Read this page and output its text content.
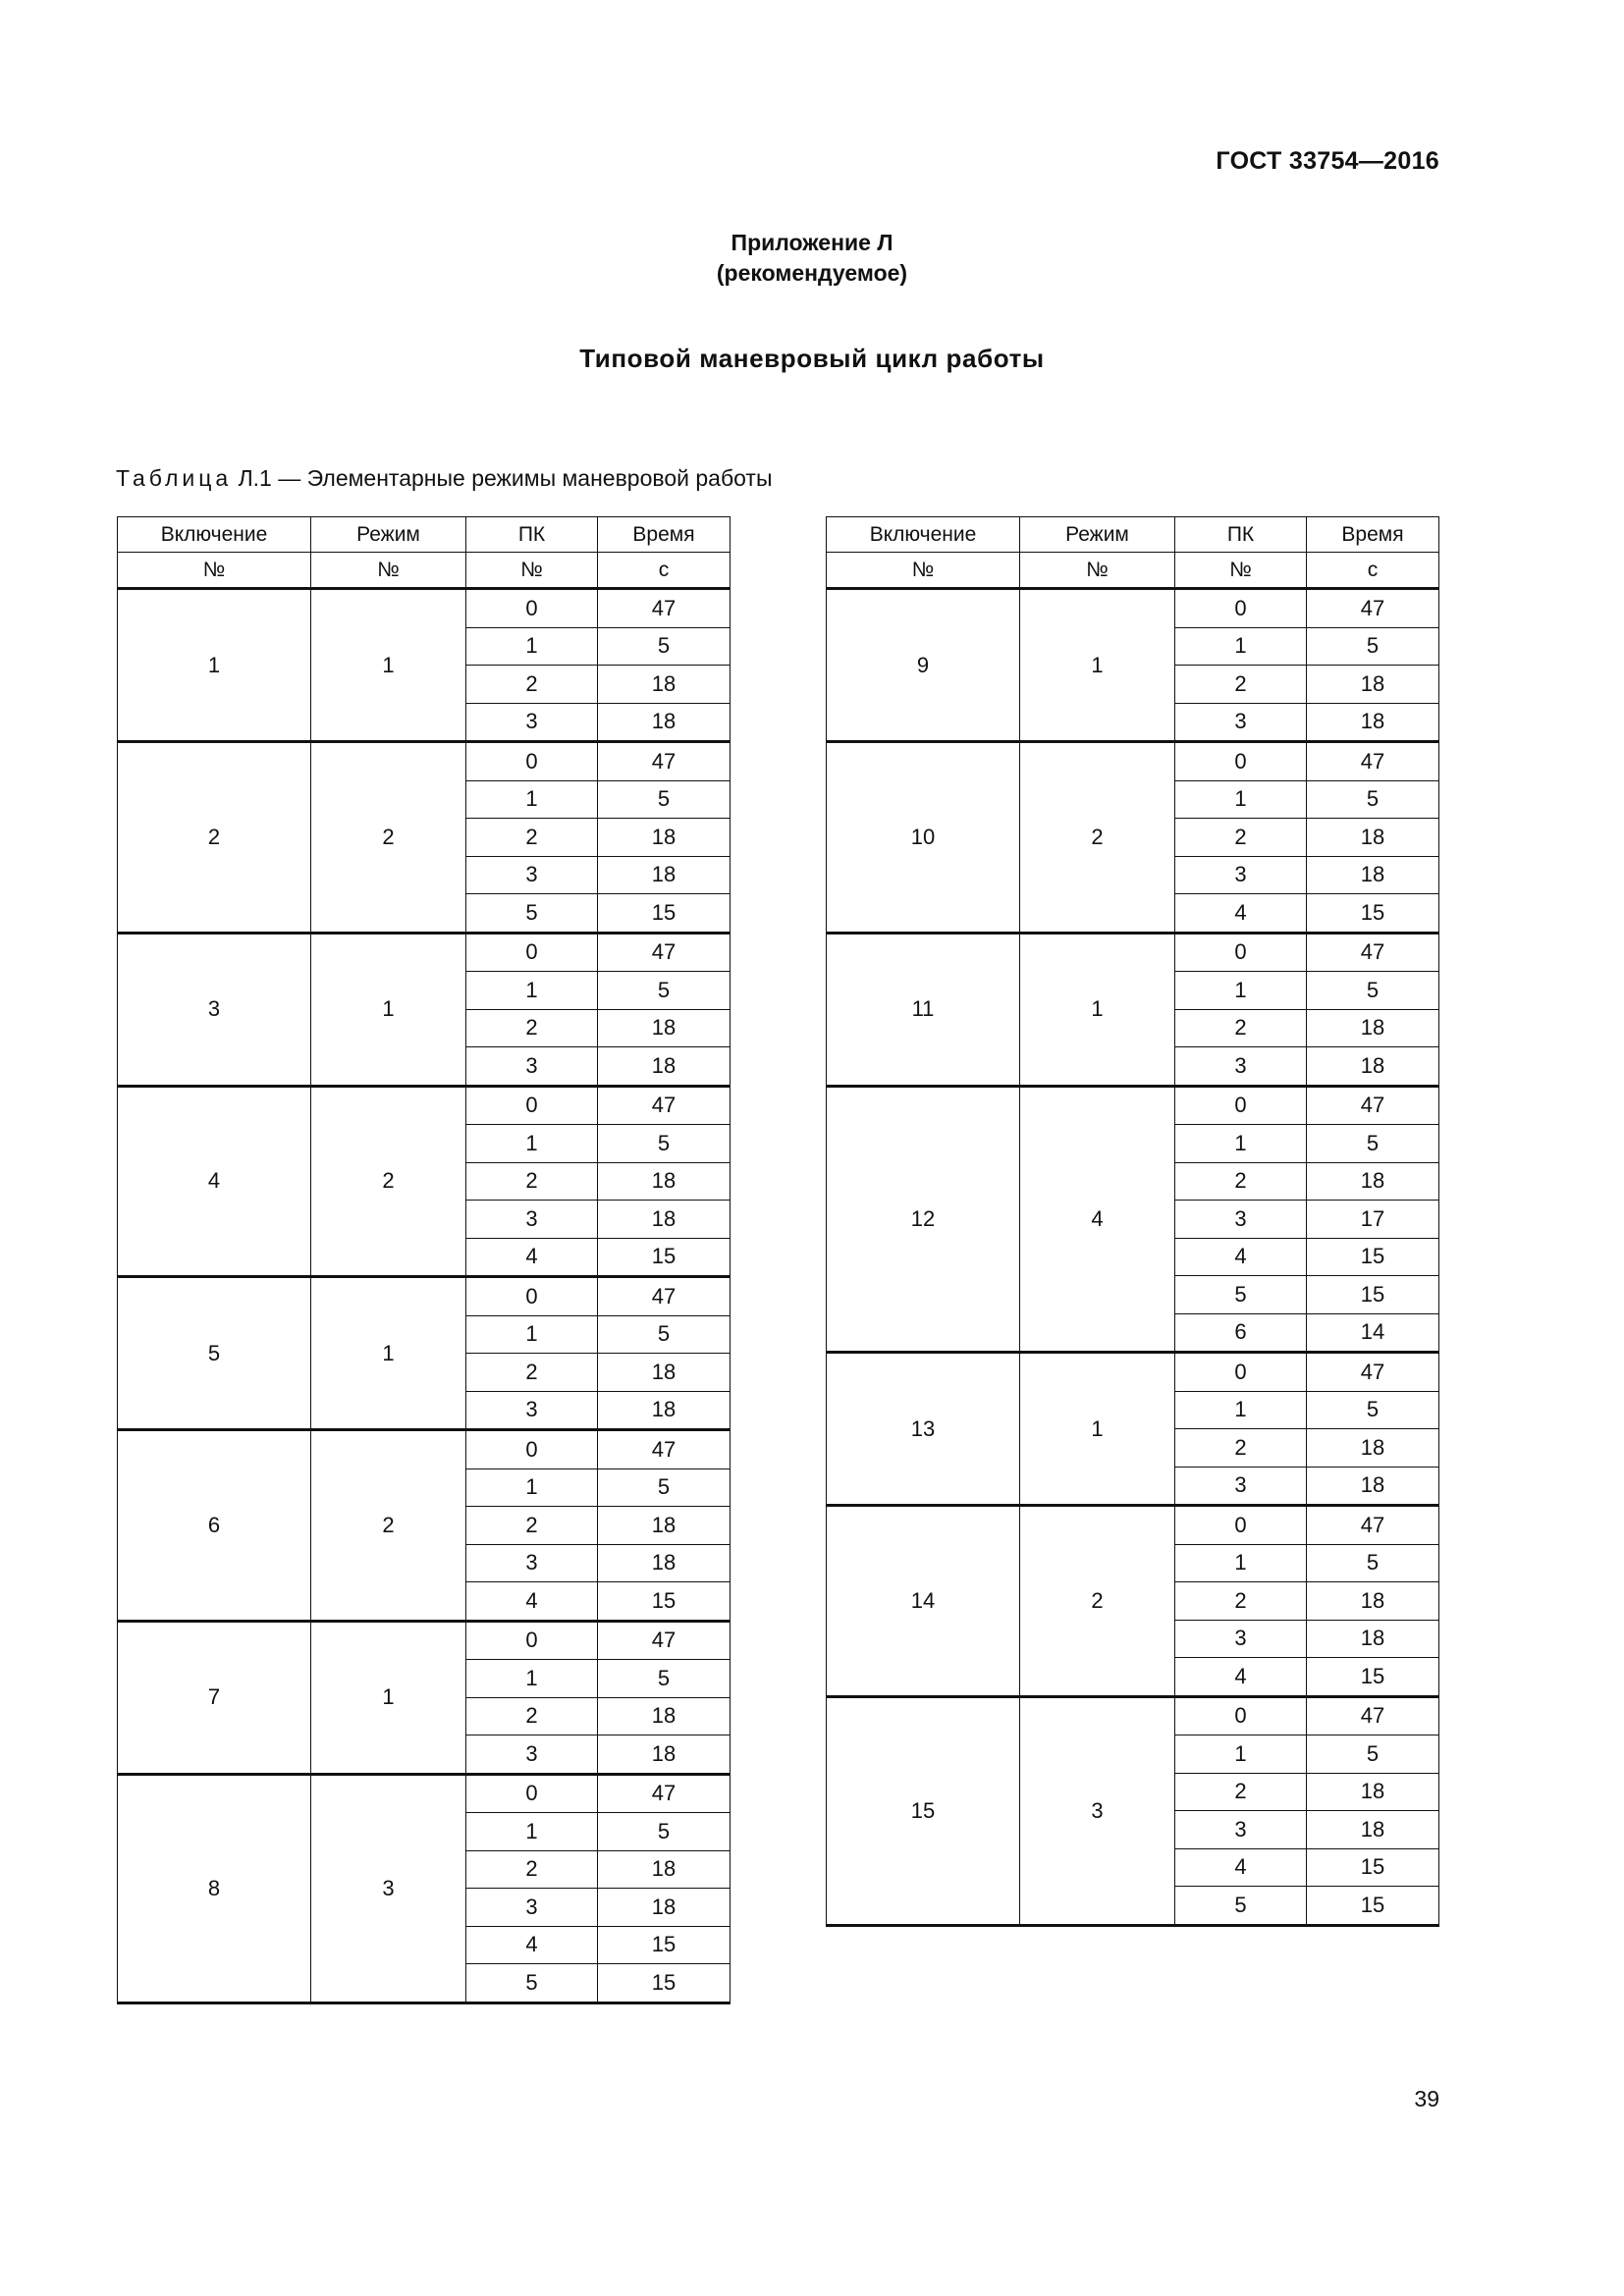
ГОСТ 33754—2016
Приложение Л
(рекомендуемое)
Типовой маневровый цикл работы
Таблица Л.1 — Элементарные режимы маневровой работы
Включение	Режим	ПК	Время
№	№	№	с
1	1	0	47
		1	5
		2	18
		3	18
2	2	0	47
		1	5
		2	18
		3	18
		5	15
3	1	0	47
		1	5
		2	18
		3	18
4	2	0	47
		1	5
		2	18
		3	18
		4	15
5	1	0	47
		1	5
		2	18
		3	18
6	2	0	47
		1	5
		2	18
		3	18
		4	15
7	1	0	47
		1	5
		2	18
		3	18
8	3	0	47
		1	5
		2	18
		3	18
		4	15
		5	15
Включение	Режим	ПК	Время
№	№	№	с
9	1	0	47
		1	5
		2	18
		3	18
10	2	0	47
		1	5
		2	18
		3	18
		4	15
11	1	0	47
		1	5
		2	18
		3	18
12	4	0	47
		1	5
		2	18
		3	17
		4	15
		5	15
		6	14
13	1	0	47
		1	5
		2	18
		3	18
14	2	0	47
		1	5
		2	18
		3	18
		4	15
15	3	0	47
		1	5
		2	18
		3	18
		4	15
		5	15
39
